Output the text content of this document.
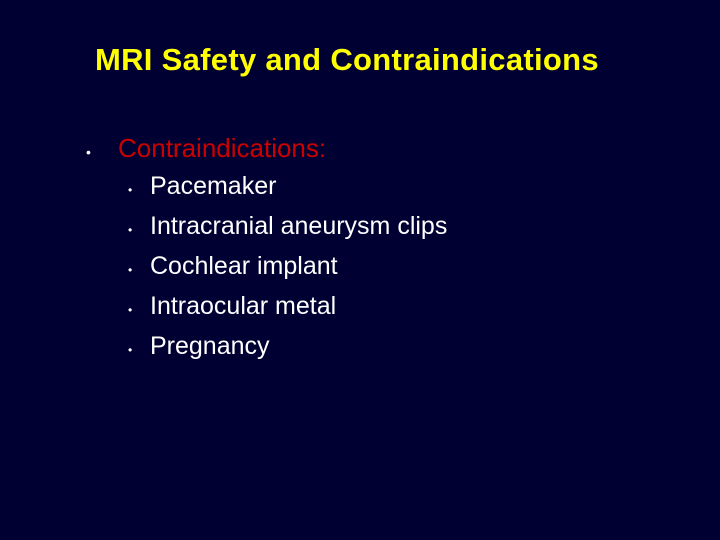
MRI Safety and Contraindications
•	Contraindications:
• Pacemaker
• Intracranial aneurysm clips
• Cochlear implant
• Intraocular metal
• Pregnancy
